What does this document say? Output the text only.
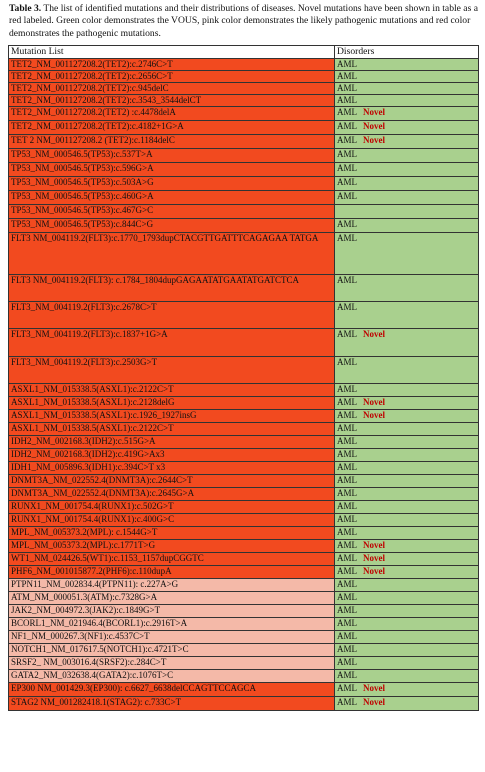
Table 3. The list of identified mutations and their distributions of diseases. Novel mutations have been shown in table as a red labeled. Green color demonstrates the VOUS, pink color demonstrates the likely pathogenic mutations and red color demonstrates the pathogenic mutations.
Mutation List	Disorders
TET2_NM_001127208.2(TET2):c.2746C>T	AML
TET2_NM_001127208.2(TET2):c.2656C>T	AML
TET2_NM_001127208.2(TET2):c.945delC	AML
TET2_NM_001127208.2(TET2):c.3543_3544delCT	AML
TET2_NM_001127208.2(TET2) :c.4478delA	AML Novel
TET2_NM_001127208.2(TET2):c.4182+1G>A	AML Novel
TET 2 NM_001127208.2 (TET2):c.1184delC	AML Novel
TP53_NM_000546.5(TP53):c.537T>A	AML
TP53_NM_000546.5(TP53):c.596G>A	AML
TP53_NM_000546.5(TP53):c.503A>G	AML
TP53_NM_000546.5(TP53):c.460G>A	AML
TP53_NM_000546.5(TP53):c.467G>C	
TP53_NM_000546.5(TP53):c.844C>G	AML
FLT3 NM_004119.2(FLT3):c.1770_1793dupCTACGTTGATTTCAGAGAA TATGA	AML
FLT3 NM_004119.2(FLT3): c.1784_1804dupGAGAATATGAATATGATCTCA	AML
FLT3_NM_004119.2(FLT3):c.2678C>T	AML
FLT3_NM_004119.2(FLT3):c.1837+1G>A	AML Novel
FLT3_NM_004119.2(FLT3):c.2503G>T	AML
ASXL1_NM_015338.5(ASXL1):c.2122C>T	AML
ASXL1_NM_015338.5(ASXL1):c.2128delG	AML Novel
ASXL1_NM_015338.5(ASXL1):c.1926_1927insG	AML Novel
ASXL1_NM_015338.5(ASXL1):c.2122C>T	AML
IDH2_NM_002168.3(IDH2):c.515G>A	AML
IDH2_NM_002168.3(IDH2):c.419G>Ax3	AML
IDH1_NM_005896.3(IDH1):c.394C>T x3	AML
DNMT3A_NM_022552.4(DNMT3A):c.2644C>T	AML
DNMT3A_NM_022552.4(DNMT3A):c.2645G>A	AML
RUNX1_NM_001754.4(RUNX1):c.502G>T	AML
RUNX1_NM_001754.4(RUNX1):c.400G>C	AML
MPL_NM_005373.2(MPL): c.1544G>T	AML
MPL_NM_005373.2(MPL):c.1771T>G	AML Novel
WT1_NM_024426.5(WT1):c.1153_1157dupCGGTC	AML Novel
PHF6_NM_001015877.2(PHF6):c.110dupA	AML Novel
PTPN11_NM_002834.4(PTPN11): c.227A>G	AML
ATM_NM_000051.3(ATM):c.7328G>A	AML
JAK2_NM_004972.3(JAK2):c.1849G>T	AML
BCORL1_NM_021946.4(BCORL1):c.2916T>A	AML
NF1_NM_000267.3(NF1):c.4537C>T	AML
NOTCH1_NM_017617.5(NOTCH1):c.4721T>C	AML
SRSF2_ NM_003016.4(SRSF2):c.284C>T	AML
GATA2_NM_032638.4(GATA2):c.1076T>C	AML
EP300 NM_001429.3(EP300): c.6627_6638delCCAGTTCCAGCA	AML Novel
STAG2 NM_001282418.1(STAG2): c.733C>T	AML Novel
